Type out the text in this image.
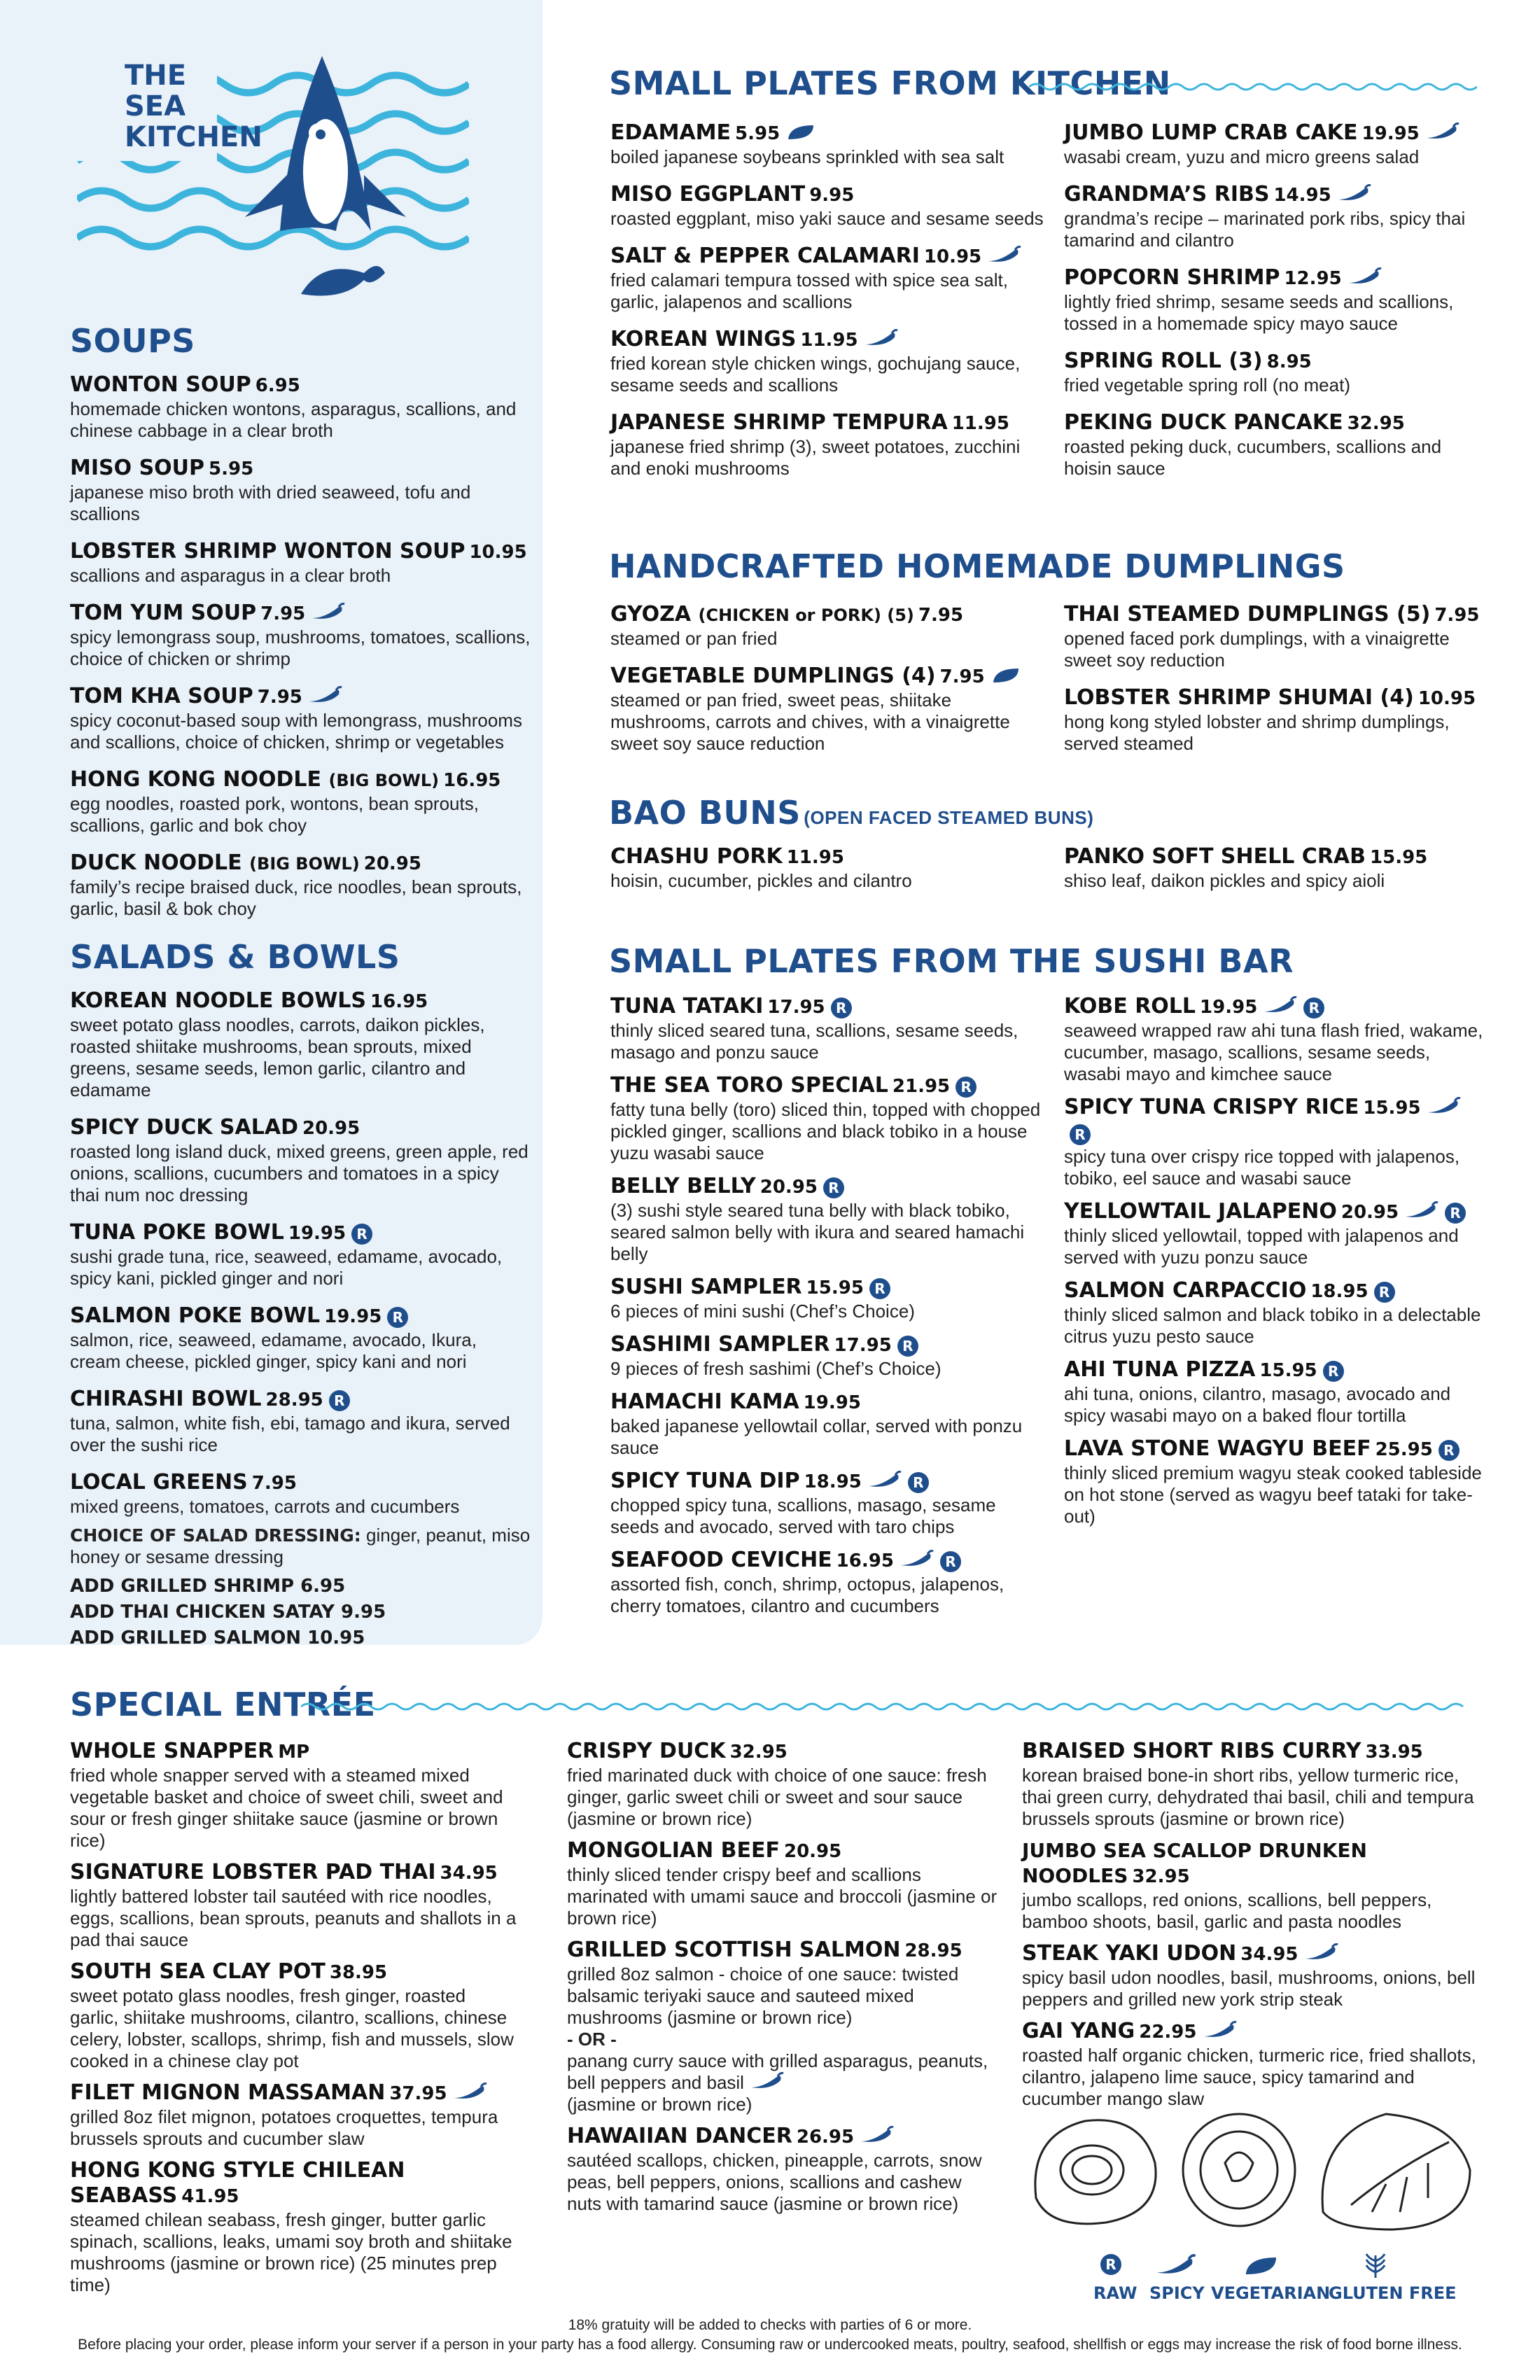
THE
SEA
KITCHEN
SOUPS
WONTON SOUP 6.95
homemade chicken wontons, asparagus, scallions, and chinese cabbage in a clear broth
MISO SOUP 5.95
japanese miso broth with dried seaweed, tofu and scallions
LOBSTER SHRIMP WONTON SOUP 10.95
scallions and asparagus in a clear broth
TOM YUM SOUP 7.95
spicy lemongrass soup, mushrooms, tomatoes, scallions, choice of chicken or shrimp
TOM KHA SOUP 7.95
spicy coconut-based soup with lemongrass, mushrooms and scallions, choice of chicken, shrimp or vegetables
HONG KONG NOODLE (BIG BOWL) 16.95
egg noodles, roasted pork, wontons, bean sprouts, scallions, garlic and bok choy
DUCK NOODLE (BIG BOWL) 20.95
family’s recipe braised duck, rice noodles, bean sprouts, garlic, basil & bok choy
SALADS & BOWLS
KOREAN NOODLE BOWLS 16.95
sweet potato glass noodles, carrots, daikon pickles, roasted shiitake mushrooms, bean sprouts, mixed greens, sesame seeds, lemon garlic, cilantro and edamame
SPICY DUCK SALAD 20.95
roasted long island duck, mixed greens, green apple, red onions, scallions, cucumbers and tomatoes in a spicy thai num noc dressing
TUNA POKE BOWL 19.95 R
sushi grade tuna, rice, seaweed, edamame, avocado, spicy kani, pickled ginger and nori
SALMON POKE BOWL 19.95 R
salmon, rice, seaweed, edamame, avocado, Ikura, cream cheese, pickled ginger, spicy kani and nori
CHIRASHI BOWL 28.95 R
tuna, salmon, white fish, ebi, tamago and ikura, served over the sushi rice
LOCAL GREENS 7.95
mixed greens, tomatoes, carrots and cucumbers
CHOICE OF SALAD DRESSING: ginger, peanut, miso honey or sesame dressing
ADD GRILLED SHRIMP 6.95
ADD THAI CHICKEN SATAY 9.95
ADD GRILLED SALMON 10.95
SMALL PLATES FROM KITCHEN
EDAMAME 5.95
boiled japanese soybeans sprinkled with sea salt
MISO EGGPLANT 9.95
roasted eggplant, miso yaki sauce and sesame seeds
SALT & PEPPER CALAMARI 10.95
fried calamari tempura tossed with spice sea salt, garlic, jalapenos and scallions
KOREAN WINGS 11.95
fried korean style chicken wings, gochujang sauce, sesame seeds and scallions
JAPANESE SHRIMP TEMPURA 11.95
japanese fried shrimp (3), sweet potatoes, zucchini and enoki mushrooms
JUMBO LUMP CRAB CAKE 19.95
wasabi cream, yuzu and micro greens salad
GRANDMA’S RIBS 14.95
grandma’s recipe – marinated pork ribs, spicy thai tamarind and cilantro
POPCORN SHRIMP 12.95
lightly fried shrimp, sesame seeds and scallions, tossed in a homemade spicy mayo sauce
SPRING ROLL (3) 8.95
fried vegetable spring roll (no meat)
PEKING DUCK PANCAKE 32.95
roasted peking duck, cucumbers, scallions and hoisin sauce
HANDCRAFTED HOMEMADE DUMPLINGS
GYOZA (CHICKEN or PORK) (5) 7.95
steamed or pan fried
VEGETABLE DUMPLINGS (4) 7.95
steamed or pan fried, sweet peas, shiitake mushrooms, carrots and chives, with a vinaigrette sweet soy sauce reduction
THAI STEAMED DUMPLINGS (5) 7.95
opened faced pork dumplings, with a vinaigrette sweet soy reduction
LOBSTER SHRIMP SHUMAI (4) 10.95
hong kong styled lobster and shrimp dumplings, served steamed
BAO BUNS (OPEN FACED STEAMED BUNS)
CHASHU PORK 11.95
hoisin, cucumber, pickles and cilantro
PANKO SOFT SHELL CRAB 15.95
shiso leaf, daikon pickles and spicy aioli
SMALL PLATES FROM THE SUSHI BAR
TUNA TATAKI 17.95 R
thinly sliced seared tuna, scallions, sesame seeds, masago and ponzu sauce
THE SEA TORO SPECIAL 21.95 R
fatty tuna belly (toro) sliced thin, topped with chopped pickled ginger, scallions and black tobiko in a house yuzu wasabi sauce
BELLY BELLY 20.95 R
(3) sushi style seared tuna belly with black tobiko, seared salmon belly with ikura and seared hamachi belly
SUSHI SAMPLER 15.95 R
6 pieces of mini sushi (Chef’s Choice)
SASHIMI SAMPLER 17.95 R
9 pieces of fresh sashimi (Chef’s Choice)
HAMACHI KAMA 19.95
baked japanese yellowtail collar, served with ponzu sauce
SPICY TUNA DIP 18.95	R
chopped spicy tuna, scallions, masago, sesame seeds and avocado, served with taro chips
SEAFOOD CEVICHE 16.95	R
assorted fish, conch, shrimp, octopus, jalapenos, cherry tomatoes, cilantro and cucumbers
KOBE ROLL 19.95	R
seaweed wrapped raw ahi tuna flash fried, wakame, cucumber, masago, scallions, sesame seeds, wasabi mayo and kimchee sauce
SPICY TUNA CRISPY RICE 15.95R
spicy tuna over crispy rice topped with jalapenos, tobiko, eel sauce and wasabi sauce
YELLOWTAIL JALAPENO 20.95	R
thinly sliced yellowtail, topped with jalapenos and served with yuzu ponzu sauce
SALMON CARPACCIO 18.95 R
thinly sliced salmon and black tobiko in a delectable citrus yuzu pesto sauce
AHI TUNA PIZZA 15.95 R
ahi tuna, onions, cilantro, masago, avocado and spicy wasabi mayo on a baked flour tortilla
LAVA STONE WAGYU BEEF 25.95 R
thinly sliced premium wagyu steak cooked tableside on hot stone (served as wagyu beef tataki for take-out)
SPECIAL ENTRÉE
WHOLE SNAPPER MP
fried whole snapper served with a steamed mixed vegetable basket and choice of sweet chili, sweet and sour or fresh ginger shiitake sauce (jasmine or brown rice)
SIGNATURE LOBSTER PAD THAI 34.95
lightly battered lobster tail sautéed with rice noodles, eggs, scallions, bean sprouts, peanuts and shallots in a pad thai sauce
SOUTH SEA CLAY POT 38.95
sweet potato glass noodles, fresh ginger, roasted garlic, shiitake mushrooms, cilantro, scallions, chinese celery, lobster, scallops, shrimp, fish and mussels, slow cooked in a chinese clay pot
FILET MIGNON MASSAMAN 37.95
grilled 8oz filet mignon, potatoes croquettes, tempura brussels sprouts and cucumber slaw
HONG KONG STYLE CHILEAN SEABASS 41.95
steamed chilean seabass, fresh ginger, butter garlic spinach, scallions, leaks, umami soy broth and shiitake mushrooms (jasmine or brown rice) (25 minutes prep time)
CRISPY DUCK 32.95
fried marinated duck with choice of one sauce: fresh ginger, garlic sweet chili or sweet and sour sauce (jasmine or brown rice)
MONGOLIAN BEEF 20.95
thinly sliced tender crispy beef and scallions marinated with umami sauce and broccoli (jasmine or brown rice)
GRILLED SCOTTISH SALMON 28.95
grilled 8oz salmon - choice of one sauce: twisted balsamic teriyaki sauce and sauteed mixed mushrooms (jasmine or brown rice)
- OR -
panang curry sauce with grilled asparagus, peanuts, bell peppers and basil
(jasmine or brown rice)
HAWAIIAN DANCER 26.95
sautéed scallops, chicken, pineapple, carrots, snow peas, bell peppers, onions, scallions and cashew nuts with tamarind sauce (jasmine or brown rice)
BRAISED SHORT RIBS CURRY 33.95
korean braised bone-in short ribs, yellow turmeric rice, thai green curry, dehydrated thai basil, chili and tempura brussels sprouts (jasmine or brown rice)
JUMBO SEA SCALLOP DRUNKEN NOODLES 32.95
jumbo scallops, red onions, scallions, bell peppers, bamboo shoots, basil, garlic and pasta noodles
STEAK YAKI UDON 34.95
spicy basil udon noodles, basil, mushrooms, onions, bell peppers and grilled new york strip steak
GAI YANG 22.95
roasted half organic chicken, turmeric rice, fried shallots, cilantro, jalapeno lime sauce, spicy tamarind and cucumber mango slaw
R
RAW SPICY VEGETARIAN
GLUTEN FREE
18% gratuity will be added to checks with parties of 6 or more.
Before placing your order, please inform your server if a person in your party has a food allergy. Consuming raw or undercooked meats, poultry, seafood, shellfish or eggs may increase the risk of food borne illness.
